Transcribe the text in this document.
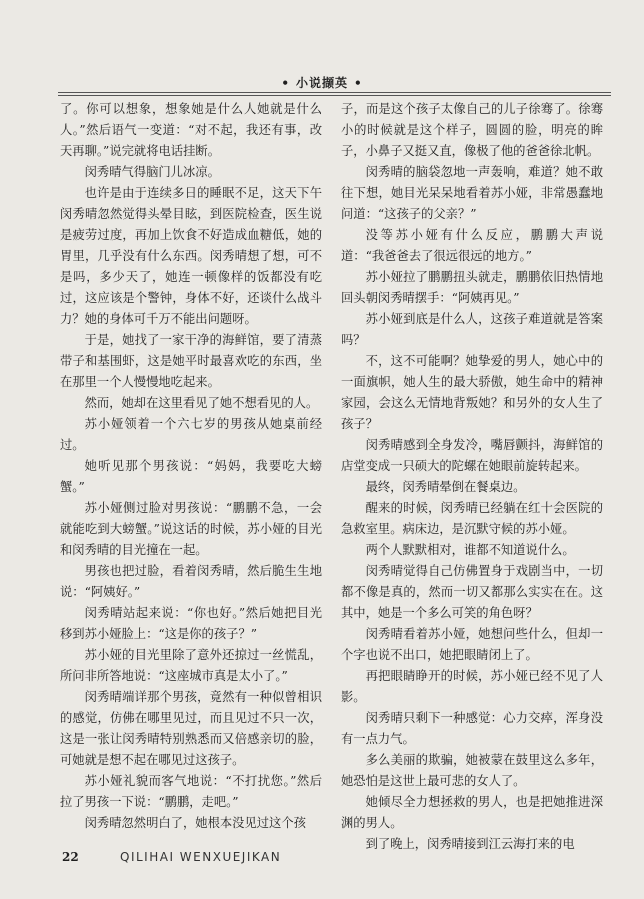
• 小说撷英 •

了。你可以想象，想象她是什么人她就是什么人。”然后语气一变道：“对不起，我还有事，改天再聊。”说完就将电话挂断。

闵秀晴气得脑门儿冰凉。

也许是由于连续多日的睡眠不足，这天下午闵秀晴忽然觉得头晕目眩，到医院检查，医生说是疲劳过度，再加上饮食不好造成血糖低，她的胃里，几乎没有什么东西。闵秀晴想了想，可不是吗，多少天了，她连一顿像样的饭都没有吃过，这应该是个警钟，身体不好，还谈什么战斗力？她的身体可千万不能出问题呀。

于是，她找了一家干净的海鲜馆，要了清蒸带子和基围虾，这是她平时最喜欢吃的东西，坐在那里一个人慢慢地吃起来。

然而，她却在这里看见了她不想看见的人。

苏小娅领着一个六七岁的男孩从她桌前经过。

她听见那个男孩说：“妈妈，我要吃大螃蟹。”

苏小娅侧过脸对男孩说：“鹏鹏不急，一会就能吃到大螃蟹。”说这话的时候，苏小娅的目光和闵秀晴的目光撞在一起。

男孩也把过脸，看着闵秀晴，然后脆生生地说：“阿姨好。”

闵秀晴站起来说：“你也好。”然后她把目光移到苏小娅脸上：“这是你的孩子？”

苏小娅的目光里除了意外还掠过一丝慌乱，所问非所答地说：“这座城市真是太小了。”

闵秀晴端详那个男孩，竟然有一种似曾相识的感觉，仿佛在哪里见过，而且见过不只一次，这是一张让闵秀晴特别熟悉而又倍感亲切的脸，可她就是想不起在哪见过这孩子。

苏小娅礼貌而客气地说：“不打扰您。”然后拉了男孩一下说：“鹏鹏，走吧。”

闵秀晴忽然明白了，她根本没见过这个孩

子，而是这个孩子太像自己的儿子徐骞了。徐骞小的时候就是这个样子，圆圆的脸，明亮的眸子，小鼻子又挺又直，像极了他的爸爸徐北帆。

闵秀晴的脑袋忽地一声轰响，难道？她不敢往下想，她目光呆呆地看着苏小娅，非常愚蠢地问道：“这孩子的父亲？”

没等苏小娅有什么反应，鹏鹏大声说道：“我爸爸去了很远很远的地方。”

苏小娅拉了鹏鹏扭头就走，鹏鹏依旧热情地回头朝闵秀晴摆手：“阿姨再见。”

苏小娅到底是什么人，这孩子难道就是答案吗？

不，这不可能啊？她挚爱的男人，她心中的一面旗帜，她人生的最大骄傲，她生命中的精神家园，会这么无情地背叛她？和另外的女人生了孩子？

闵秀晴感到全身发冷，嘴唇颤抖，海鲜馆的店堂变成一只硕大的陀螺在她眼前旋转起来。

最终，闵秀晴晕倒在餐桌边。

醒来的时候，闵秀晴已经躺在红十会医院的急救室里。病床边，是沉默守候的苏小娅。

两个人默默相对，谁都不知道说什么。

闵秀晴觉得自己仿佛置身于戏剧当中，一切都不像是真的，然而一切又都那么实实在在。这其中，她是一个多么可笑的角色呀？

闵秀晴看着苏小娅，她想问些什么，但却一个字也说不出口，她把眼睛闭上了。

再把眼睛睁开的时候，苏小娅已经不见了人影。

闵秀晴只剩下一种感觉：心力交瘁，浑身没有一点力气。

多么美丽的欺骗，她被蒙在鼓里这么多年，她恐怕是这世上最可悲的女人了。

她倾尽全力想拯救的男人，也是把她推进深渊的男人。

到了晚上，闵秀晴接到江云海打来的电

22	QILIHAI WENXUEJIKAN
